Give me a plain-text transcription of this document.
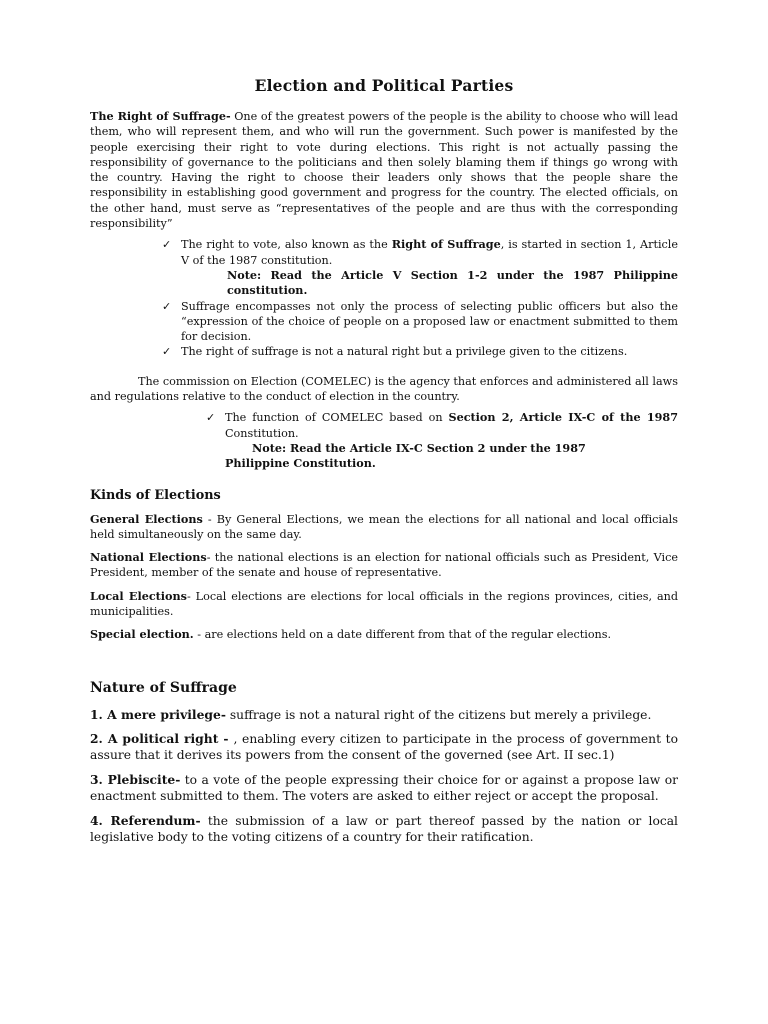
Election and Political Parties

The Right of Suffrage- One of the greatest powers of the people is the ability to choose who will lead them, who will represent them, and who will run the government. Such power is manifested by the people exercising their right to vote during elections. This right is not actually passing the responsibility of governance to the politicians and then solely blaming them if things go wrong with the country. Having the right to choose their leaders only shows that the people share the responsibility in establishing good government and progress for the country. The elected officials, on the other hand, must serve as “representatives of the people and are thus with the corresponding responsibility”

✓ The right to vote, also known as the Right of Suffrage, is started in section 1, Article V of the 1987 constitution.
Note: Read the Article V Section 1-2 under the 1987 Philippine constitution.
✓ Suffrage encompasses not only the process of selecting public officers but also the “expression of the choice of people on a proposed law or enactment submitted to them for decision.
✓ The right of suffrage is not a natural right but a privilege given to the citizens.

The commission on Election (COMELEC) is the agency that enforces and administered all laws and regulations relative to the conduct of election in the country.

✓ The function of COMELEC based on Section 2, Article IX-C of the 1987 Constitution.
Note: Read the Article IX-C Section 2 under the 1987
Philippine Constitution.
Kinds of Elections

General Elections - By General Elections, we mean the elections for all national and local officials held simultaneously on the same day.

National Elections- the national elections is an election for national officials such as President, Vice President, member of the senate and house of representative.

Local Elections- Local elections are elections for local officials in the regions provinces, cities, and municipalities.

Special election. - are elections held on a date different from that of the regular elections.

Nature of Suffrage

1. A mere privilege- suffrage is not a natural right of the citizens but merely a privilege.

2. A political right - , enabling every citizen to participate in the process of government to assure that it derives its powers from the consent of the governed (see Art. II sec.1)

3. Plebiscite- to a vote of the people expressing their choice for or against a propose law or enactment submitted to them. The voters are asked to either reject or accept the proposal.

4. Referendum- the submission of a law or part thereof passed by the nation or local legislative body to the voting citizens of a country for their ratification.
